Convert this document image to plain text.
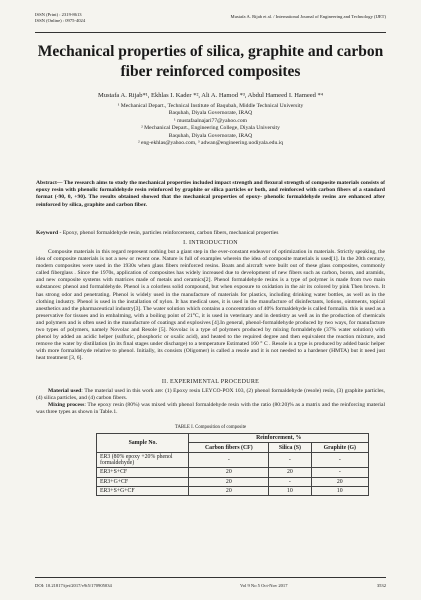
ISSN (Print) : 2319-8613
ISSN (Online) : 0975-4024
Mustafa A. Rijab et al. / International Journal of Engineering and Technology (IJET)
Mechanical properties of silica, graphite and carbon fiber reinforced composites
Mustafa A. Rijab*¹, Ekhlas I. Kader *², Ali A. Hamod *³, Abdul Hameed I. Hameed *⁴
¹ Mechanical Depart., Technical Institute of Baqubah, Middle Technical University
Baquhah, Diyala Governorate, IRAQ
¹ mustafaalnajari77@yahoo.com
² Mechanical Depart., Engineering College, Diyala University
Baquhah, Diyala Governorate, IRAQ
² eng-ekhlas@yahoo.com, ³ adwan@engineering.uodiyala.edu.iq
Abstract— The research aims to study the mechanical properties included impact strength and flexural strength of composite materials consists of epoxy resin with phenolic formaldehyde resin reinforced by graphite or silica particles or both, and reinforced with carbon fibers of a standard format (-90, 0, +90). The results obtained showed that the mechanical properties of epoxy- phenolic formaldehyde resins are enhanced after reinforced by silica, graphite and carbon fiber.
Keyword - Epoxy, phenol formaldehyde resin, particles reinforcement, carbon fibers, mechanical properties
I. INTRODUCTION

Composite materials in this regard represent nothing but a giant step in the ever-constant endeavor of optimization in materials. Strictly speaking, the idea of composite materials is not a new or recent one. Nature is full of examples wherein the idea of composite materials is used[1]. In the 20th century, modern composites were used in the 1930s when glass fibers reinforced resins. Boats and aircraft were built out of these glass composites, commonly called fiberglass . Since the 1970s, application of composites has widely increased due to development of new fibers such as carbon, boron, and aramids, and new composite systems with matrices made of metals and ceramics[2]. Phenol formaldehyde resins is a type of polymer is made from two main substances: phenol and formaldehyde. Phenol is a colorless solid compound, but when exposure to oxidation in the air its colored by pink Then brown. It has strong odor and penetrating. Phenol is widely used in the manufacture of materials for plastics, including drinking water bottles, as well as in the clothing industry. Phenol is used in the installation of nylon. It has medical uses, it is used in the manufacture of disinfectants, lotions, ointments, topical anesthetics and the pharmaceutical industry[3]. The water solution which contains a concentration of 40% formaldehyde is called formalin. this is used as a preservative for tissues and in embalming, with a boiling point of 21°C, it is used in veterinary and in dentistry as well as in the production of chemicals and polymers and is often used in the manufacture of coatings and explosives [4].In general, phenol-formaldehyde produced by two ways, for manufacture two types of polymers, namely Novolac and Resole [5]. Novolac is a type of polymers produced by mixing formaldehyde (37% water solution) with phenol by added an acidic helper (sulfuric, phosphoric or oxalic acid), and heated to the required degree and then equivalent the reaction mixture, and remove the water by distillation (in its final stages under discharge) to a temperature Estimated 160 ° C . Resole is a type is produced by added basic helper with more formaldehyde relative to phenol. Initially, its consists (Oligomer) is called a resole and it is not needed to a hardener (HMTA) but it need just heat treatment [3, 6].

II. EXPERIMENTAL PROCEDURE

Material used: The material used in this work are: (1) Epoxy resin LEYCO-POX 103, (2) phenol formaldehyde (resole) resin, (3) graphite particles, (4) silica particles, and (4) carbon fibers.

Mixing process: The epoxy resin (80%) was mixed with phenol formaldehyde resin with the ratio (80:20)% as a matrix and the reinforcing material was three types as shown in Table.1.

TABLE I. Composition of composite
Sample No.	Reinforcement, %		
	Carbon fibers (CF)	Silica (S)	Graphite (G)
ER3 (80% epoxy +20% phenol formaldehyde)	-	-	-
ER3+S+CF	20	20	-
ER3+G+CF	20	-	20
ER3+S+G+CF	20	10	10
DOI: 10.21817/ijet/2017/v9i5/170905034	Vol 9 No 5 Oct-Nov 2017	3532
